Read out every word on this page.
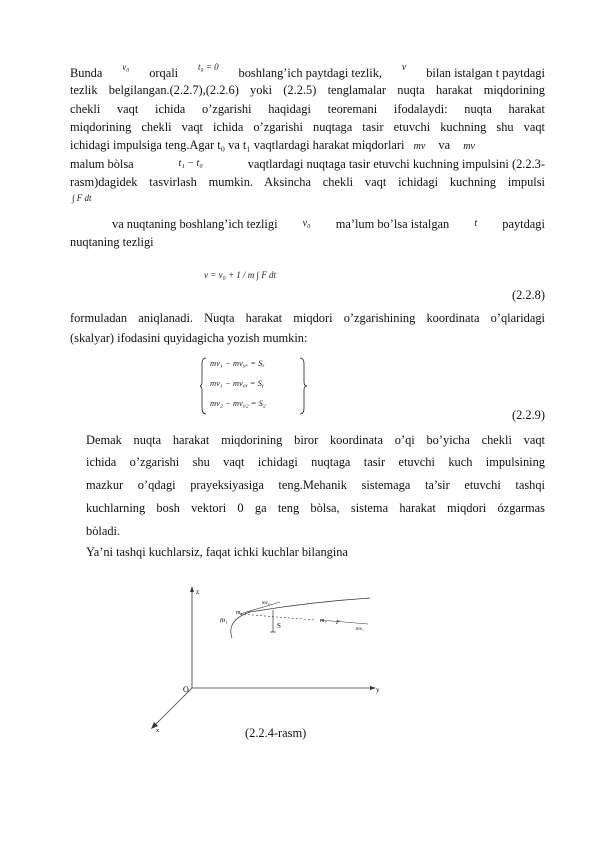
Bunda v₀ orqali t₀ = 0 boshlang’ich paytdagi tezlik, v bilan istalgan t paytdagi
tezlik belgilangan.(2.2.7),(2.2.6) yoki (2.2.5) tenglamalar nuqta harakat miqdorining
chekli vaqt ichida o’zgarishi haqidagi teoremani ifodalaydi: nuqta harakat
miqdorining chekli vaqt ichida o’zgarishi nuqtaga tasir etuvchi kuchning shu vaqt
ichidagi impulsiga teng.Agar t₀ va t₁ vaqtlardagi harakat miqdorlari mv va mv
malum bòlsa	t₁ − t₀	vaqtlardagi nuqtaga tasir etuvchi kuchning impulsini (2.2.3-
rasm)dagidek tasvirlash mumkin. Aksincha chekli vaqt ichidagi kuchning impulsi
∫ F dt
va nuqtaning boshlang’ich tezligi	v₀ ma’lum bo’lsa istalgan	t paytdagi
nuqtaning tezligi
v = v₀ + 1 / m ∫ F dt
(2.2.8)
formuladan aniqlanadi. Nuqta harakat miqdori o’zgarishining koordinata o’qlaridagi
(skalyar) ifodasini quyidagicha yozish mumkin:
mv₁ − mv₀ₓ = Sₓ
mv₁ − mv₀ᵧ = Sᵧ
mv₂ − mv₀₂ = S₂
(2.2.9)
Demak nuqta harakat miqdorining biror koordinata o’qi bo’yicha chekli vaqt
ichida o’zgarishi shu vaqt ichidagi nuqtaga tasir etuvchi kuch impulsining
mazkur o’qdagi prayeksiyasiga teng.Mehanik sistemaga ta’sir etuvchi tashqi
kuchlarning bosh vektori 0 ga teng bòlsa, sistema harakat miqdori ózgarmas
bòladi.
Ya’ni tashqi kuchlarsiz, faqat ichki kuchlar bilangina
z
y
x
O
m₁
m₂
S
mv₀
m₂ F
mv₁
(2.2.4-rasm)
